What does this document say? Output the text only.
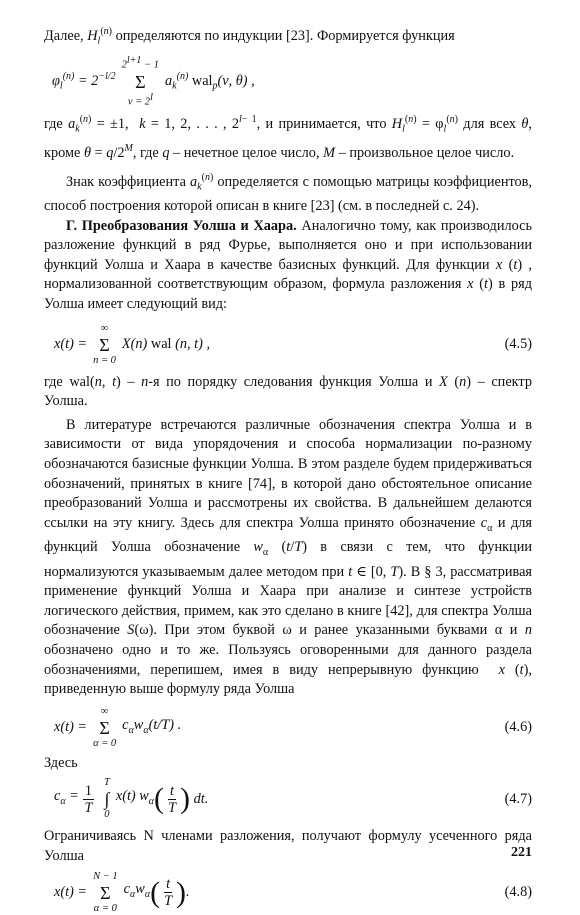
Далее, $H_l^{(n)}$ определяются по индукции [23]. Формируется функция

$\varphi_l^{(n)} = 2^{-l/2}$
$2^{l+1} - 1$
Σ
$\nu = 2^l$
$a_k^{(n)}$ wal$_p$(ν, θ) ,

где $a_k^{(n)} = \pm 1$,  k = 1, 2, . . . , $2^{l- 1}$, и принимается, что $H_l^{(n)} = \varphi_l^{(n)}$ для всех θ, кроме $\theta = q/2^M$, где q – нечетное целое число, M – произвольное целое число.

Знак коэффициента $a_k^{(n)}$ определяется с помощью матрицы коэффициентов, способ построения которой описан в книге [23] (см. в последней с. 24).

Г. Преобразования Уолша и Хаара. Аналогично тому, как производилось разложение функций в ряд Фурье, выполняется оно и при использовании функций Уолша и Хаара в качестве базисных функций. Для функции x (t) , нормализованной соответствующим образом, формула разложения x (t) в ряд Уолша имеет следующий вид:

x(t) =
∞
Σ
n = 0
X(n) wal (n, t) ,	(4.5)

где wal(n, t) – n-я по порядку следования функция Уолша и X (n) – спектр Уолша.

В литературе встречаются различные обозначения спектра Уолша и в зависимости от вида упорядочения и способа нормализации по-разному обозначаются базисные функции Уолша. В этом разделе будем придерживаться обозначений, принятых в книге [74], в которой дано обстоятельное описание преобразований Уолша и рассмотрены их свойства. В дальнейшем делаются ссылки на эту книгу. Здесь для спектра Уолша принято обозначение $c_\alpha$ и для функций Уолша обозначение $w_\alpha$ (t/T) в связи с тем, что функции нормализуются указываемым далее методом при t ∈ [0, T). В § 3, рассматривая применение функций Уолша и Хаара при анализе и синтезе устройств логического действия, примем, как это сделано в книге [42], для спектра Уолша обозначение S(ω). При этом буквой ω и ранее указанными буквами α и n обозначено одно и то же. Пользуясь оговоренными для данного раздела обозначениями, перепишем, имея в виду непрерывную функцию  x (t), приведенную выше формулу ряда Уолша

x(t) =
∞
Σ
α = 0
$c_\alpha w_\alpha(t/T)$ .	(4.6)

Здесь

$c_\alpha = \frac{1}{T}$ T
∫
0
x(t) $w_\alpha$ ( $\frac{t}{T}$ ) dt.	(4.7)

Ограничиваясь N членами разложения, получают формулу усеченного ряда Уолша

x(t) =
N − 1
Σ
α = 0
$c_\alpha w_\alpha$ ( $\frac{t}{T}$ ) .	(4.8)
221
